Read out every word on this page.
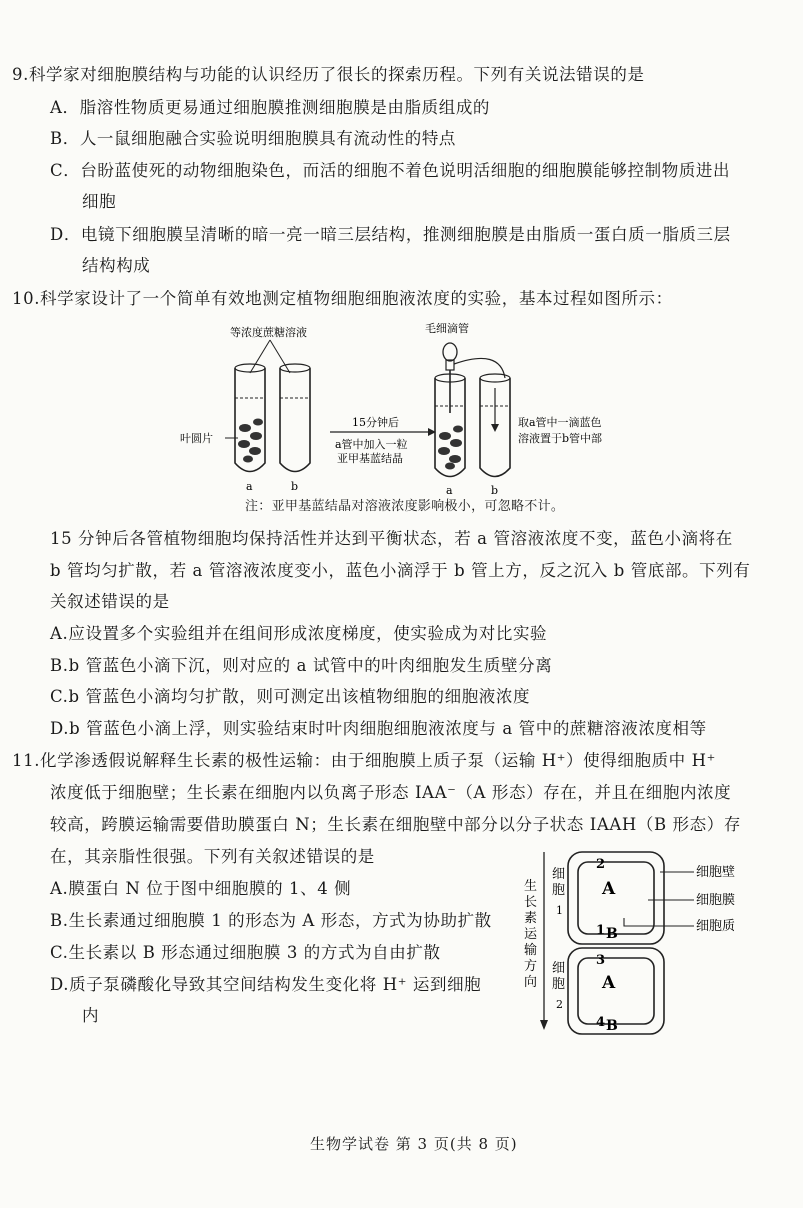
9.科学家对细胞膜结构与功能的认识经历了很长的探索历程。下列有关说法错误的是
A．脂溶性物质更易通过细胞膜推测细胞膜是由脂质组成的
B．人一鼠细胞融合实验说明细胞膜具有流动性的特点
C．台盼蓝使死的动物细胞染色，而活的细胞不着色说明活细胞的细胞膜能够控制物质进出
细胞
D．电镜下细胞膜呈清晰的暗一亮一暗三层结构，推测细胞膜是由脂质一蛋白质一脂质三层
结构构成
10.科学家设计了一个简单有效地测定植物细胞细胞液浓度的实验，基本过程如图所示：
等浓度蔗糖溶液
叶圆片
a	b
15分钟后
a管中加入一粒
亚甲基蓝结晶
毛细滴管
a	b
取a管中一滴蓝色
溶液置于b管中部
注：亚甲基蓝结晶对溶液浓度影响极小，可忽略不计。
15 分钟后各管植物细胞均保持活性并达到平衡状态，若 a 管溶液浓度不变，蓝色小滴将在
b 管均匀扩散，若 a 管溶液浓度变小，蓝色小滴浮于 b 管上方，反之沉入 b 管底部。下列有
关叙述错误的是
A.应设置多个实验组并在组间形成浓度梯度，使实验成为对比实验
B.b 管蓝色小滴下沉，则对应的 a 试管中的叶肉细胞发生质壁分离
C.b 管蓝色小滴均匀扩散，则可测定出该植物细胞的细胞液浓度
D.b 管蓝色小滴上浮，则实验结束时叶肉细胞细胞液浓度与 a 管中的蔗糖溶液浓度相等
11.化学渗透假说解释生长素的极性运输：由于细胞膜上质子泵（运输 H⁺）使得细胞质中 H⁺
浓度低于细胞壁；生长素在细胞内以负离子形态 IAA⁻（A 形态）存在，并且在细胞内浓度
较高，跨膜运输需要借助膜蛋白 N；生长素在细胞壁中部分以分子状态 IAAH（B 形态）存
在，其亲脂性很强。下列有关叙述错误的是
A.膜蛋白 N 位于图中细胞膜的 1、4 侧
B.生长素通过细胞膜 1 的形态为 A 形态，方式为协助扩散
C.生长素以 B 形态通过细胞膜 3 的方式为自由扩散
D.质子泵磷酸化导致其空间结构发生变化将 H⁺ 运到细胞
内
生
长
素
运
输
方
向
细
胞
1
细
胞
2
A
A
2
1 B
3
4 B
细胞壁
细胞膜
细胞质
生物学试卷 第 3 页(共 8 页)
